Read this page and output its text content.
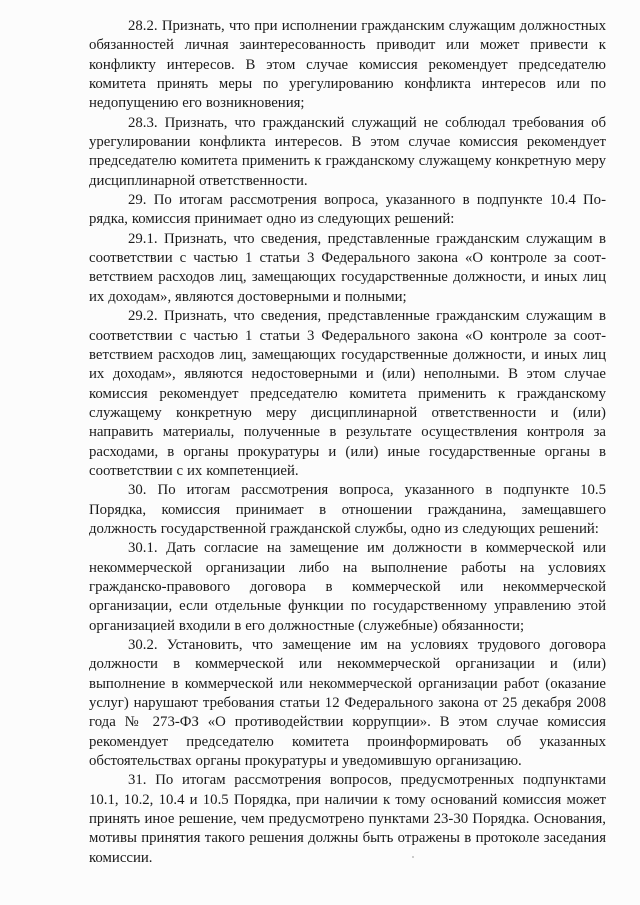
28.2. Признать, что при исполнении гражданским служащим должностных обязанностей личная заинтересованность приводит или может привести к конфликту интересов. В этом случае комиссия рекомендует председателю комитета принять меры по урегулированию конфликта интересов или по недопущению его возникновения;

28.3. Признать, что гражданский служащий не соблюдал требования об урегулировании конфликта интересов. В этом случае комиссия рекомендует председателю комитета применить к гражданскому служащему конкретную меру дисциплинарной ответственности.

29. По итогам рассмотрения вопроса, указанного в подпункте 10.4 Порядка, комиссия принимает одно из следующих решений:

29.1. Признать, что сведения, представленные гражданским служащим в соответствии с частью 1 статьи 3 Федерального закона «О контроле за соответствием расходов лиц, замещающих государственные должности, и иных лиц их доходам», являются достоверными и полными;

29.2. Признать, что сведения, представленные гражданским служащим в соответствии с частью 1 статьи 3 Федерального закона «О контроле за соответствием расходов лиц, замещающих государственные должности, и иных лиц их доходам», являются недостоверными и (или) неполными. В этом случае комиссия рекомендует председателю комитета применить к гражданскому служащему конкретную меру дисциплинарной ответственности и (или) направить материалы, полученные в результате осуществления контроля за расходами, в органы прокуратуры и (или) иные государственные органы в соответствии с их компетенцией.

30. По итогам рассмотрения вопроса, указанного в подпункте 10.5 Порядка, комиссия принимает в отношении гражданина, замещавшего должность государственной гражданской службы, одно из следующих решений:

30.1. Дать согласие на замещение им должности в коммерческой или некоммерческой организации либо на выполнение работы на условиях гражданско-правового договора в коммерческой или некоммерческой организации, если отдельные функции по государственному управлению этой организацией входили в его должностные (служебные) обязанности;

30.2. Установить, что замещение им на условиях трудового договора должности в коммерческой или некоммерческой организации и (или) выполнение в коммерческой или некоммерческой организации работ (оказание услуг) нарушают требования статьи 12 Федерального закона от 25 декабря 2008 года № 273-ФЗ «О противодействии коррупции». В этом случае комиссия рекомендует председателю комитета проинформировать об указанных обстоятельствах органы прокуратуры и уведомившую организацию.

31. По итогам рассмотрения вопросов, предусмотренных подпунктами 10.1, 10.2, 10.4 и 10.5 Порядка, при наличии к тому оснований комиссия может принять иное решение, чем предусмотрено пунктами 23-30 Порядка. Основания, мотивы принятия такого решения должны быть отражены в протоколе заседания комиссии.
